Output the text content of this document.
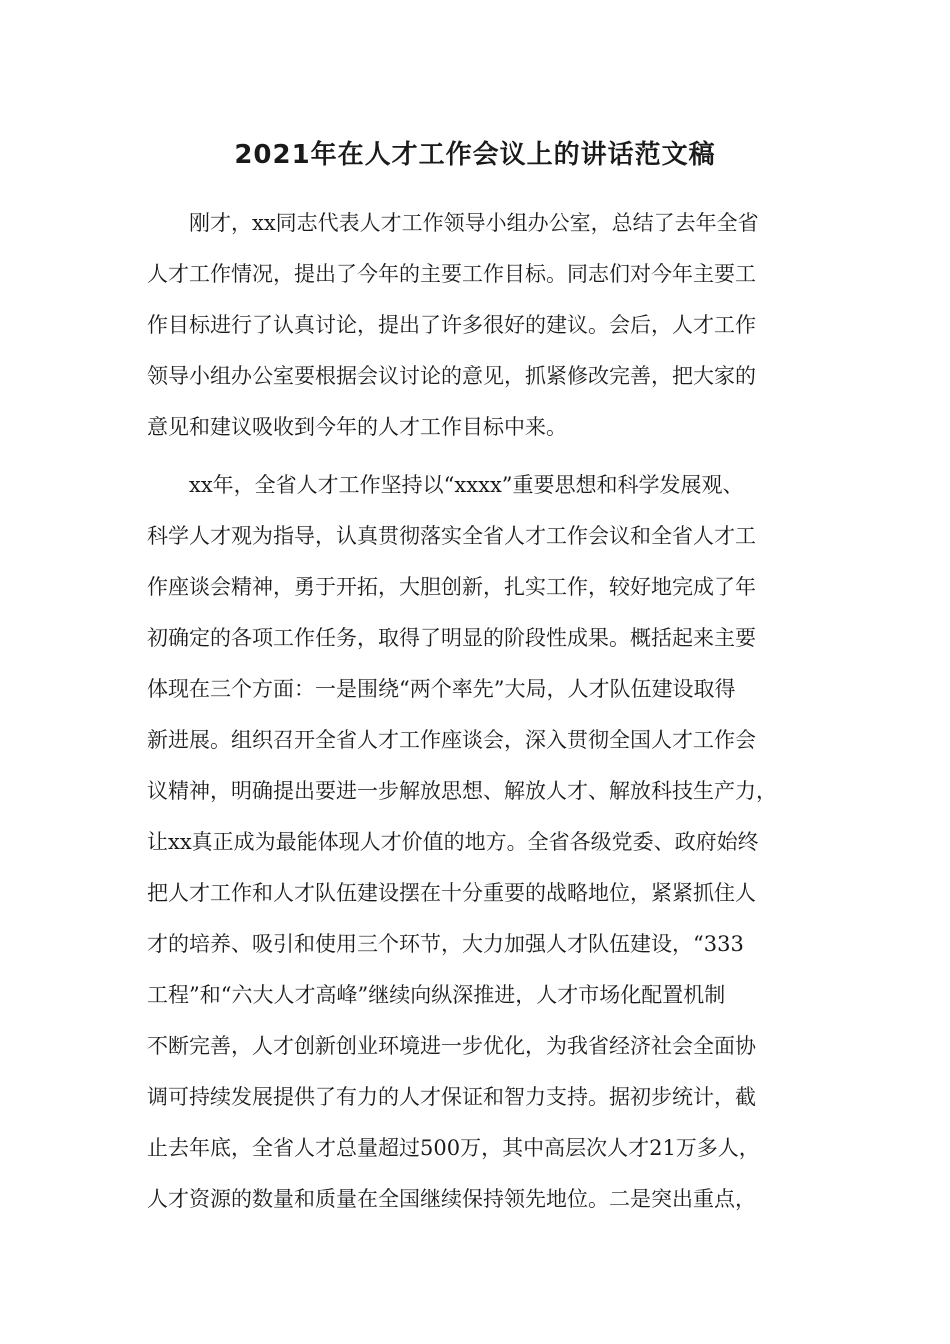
2021年在人才工作会议上的讲话范文稿
刚才，xx同志代表人才工作领导小组办公室，总结了去年全省
人才工作情况，提出了今年的主要工作目标。同志们对今年主要工
作目标进行了认真讨论，提出了许多很好的建议。会后，人才工作
领导小组办公室要根据会议讨论的意见，抓紧修改完善，把大家的
意见和建议吸收到今年的人才工作目标中来。
xx年，全省人才工作坚持以“xxxx”重要思想和科学发展观、
科学人才观为指导，认真贯彻落实全省人才工作会议和全省人才工
作座谈会精神，勇于开拓，大胆创新，扎实工作，较好地完成了年
初确定的各项工作任务，取得了明显的阶段性成果。概括起来主要
体现在三个方面：一是围绕“两个率先”大局，人才队伍建设取得
新进展。组织召开全省人才工作座谈会，深入贯彻全国人才工作会
议精神，明确提出要进一步解放思想、解放人才、解放科技生产力，
让xx真正成为最能体现人才价值的地方。全省各级党委、政府始终
把人才工作和人才队伍建设摆在十分重要的战略地位，紧紧抓住人
才的培养、吸引和使用三个环节，大力加强人才队伍建设，“333
工程”和“六大人才高峰”继续向纵深推进，人才市场化配置机制
不断完善，人才创新创业环境进一步优化，为我省经济社会全面协
调可持续发展提供了有力的人才保证和智力支持。据初步统计，截
止去年底，全省人才总量超过500万，其中高层次人才21万多人，
人才资源的数量和质量在全国继续保持领先地位。二是突出重点，
